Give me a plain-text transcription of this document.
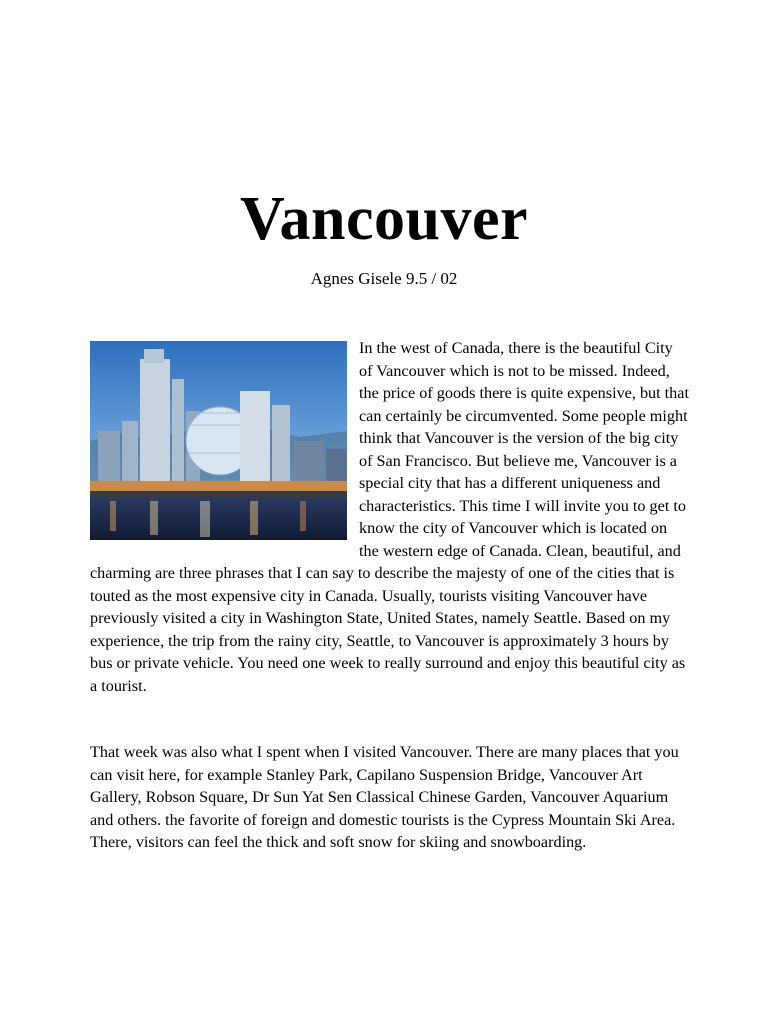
Vancouver
Agnes Gisele 9.5 / 02

In the west of Canada, there is the beautiful City of Vancouver which is not to be missed. Indeed, the price of goods there is quite expensive, but that can certainly be circumvented. Some people might think that Vancouver is the version of the big city of San Francisco. But believe me, Vancouver is a special city that has a different uniqueness and characteristics. This time I will invite you to get to know the city of Vancouver which is located on the western edge of Canada. Clean, beautiful, and charming are three phrases that I can say to describe the majesty of one of the cities that is touted as the most expensive city in Canada. Usually, tourists visiting Vancouver have previously visited a city in Washington State, United States, namely Seattle. Based on my experience, the trip from the rainy city, Seattle, to Vancouver is approximately 3 hours by bus or private vehicle. You need one week to really surround and enjoy this beautiful city as a tourist.

That week was also what I spent when I visited Vancouver. There are many places that you can visit here, for example Stanley Park, Capilano Suspension Bridge, Vancouver Art Gallery, Robson Square, Dr Sun Yat Sen Classical Chinese Garden, Vancouver Aquarium and others. the favorite of foreign and domestic tourists is the Cypress Mountain Ski Area. There, visitors can feel the thick and soft snow for skiing and snowboarding.
